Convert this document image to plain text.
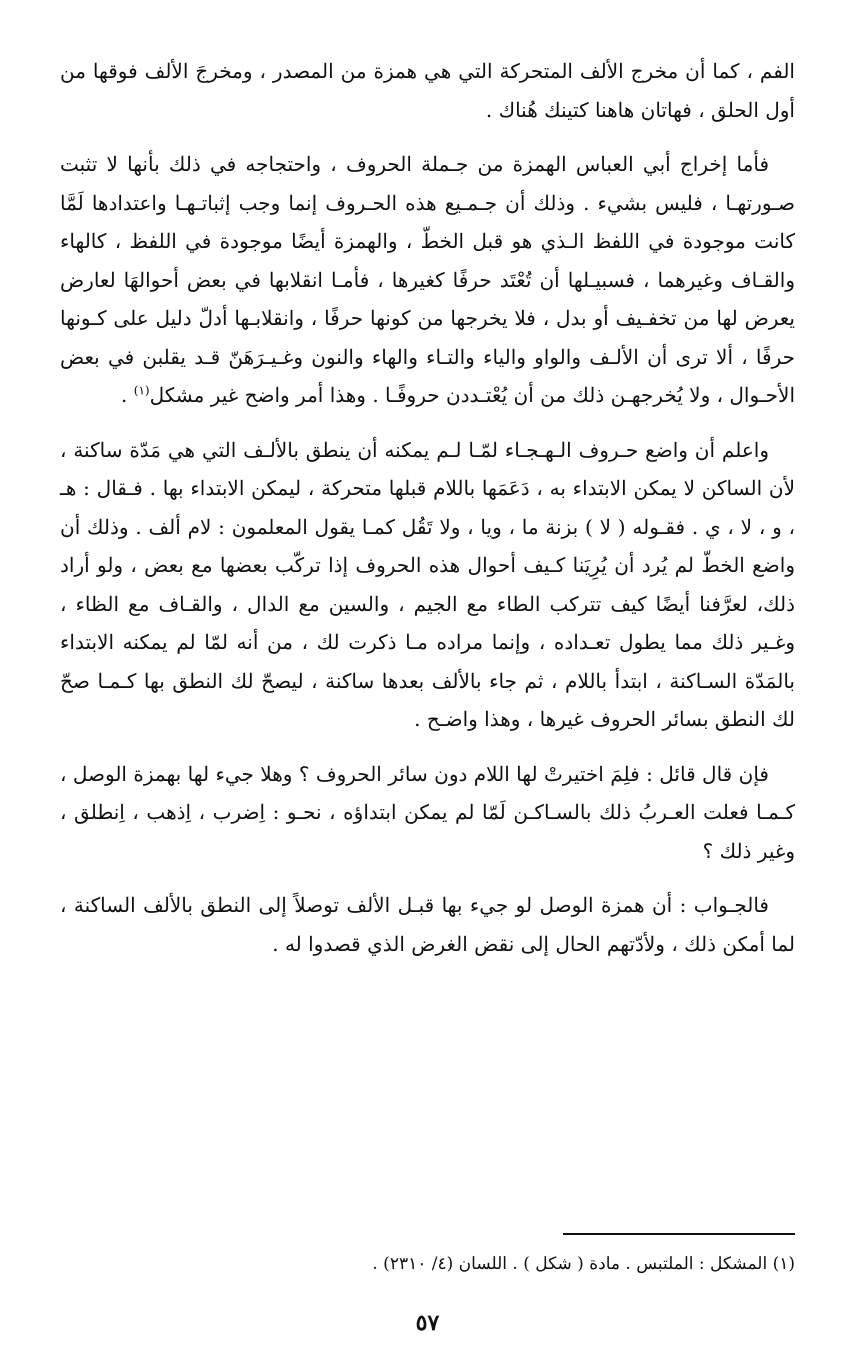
الفم ، كما أن مخرج الألف المتحركة التي هي همزة من المصدر ، ومخرجَ الألف فوقها من أول الحلق ، فهاتان هاهنا كتينك هُناك .

فأما إخراج أبي العباس الهمزة من جـملة الحروف ، واحتجاجه في ذلك بأنها لا تثبت صـورتهـا ، فليس بشيء . وذلك أن جـمـيع هذه الحـروف إنما وجب إثباتـهـا واعتدادها لَمَّا كانت موجودة في اللفظ الـذي هو قبل الخطّ ، والهمزة أيضًا موجودة في اللفظ ، كالهاء والقـاف وغيرهما ، فسبيـلها أن تُعْتَد حرفًا كغيرها ، فأمـا انقلابها في بعض أحوالهَا لعارض يعرض لها من تخفـيف أو بدل ، فلا يخرجها من كونها حرفًا ، وانقلابـها أدلّ دليل على كـونها حرفًا ، ألا ترى أن الألـف والواو والياء والتـاء والهاء والنون وغـيـرَهَنّ قـد يقلبن في بعض الأحـوال ، ولا يُخرجهـن ذلك من أن يُعْتـددن حروفًـا . وهذا أمر واضح غير مشكل$^{(١)}$ .

واعلم أن واضع حـروف الـهـجـاء لمّـا لـم يمكنه أن ينطق بالألـف التي هي مَدّة ساكنة ، لأن الساكن لا يمكن الابتداء به ، دَعَمَها باللام قبلها متحركة ، ليمكن الابتداء بها . فـقال : هـ ، و ، لا ، ي . فقـوله ( لا ) بزنة ما ، ويا ، ولا تَقُل كمـا يقول المعلمون : لام ألف . وذلك أن واضع الخطّ لم يُرد أن يُرِيَنا كـيف أحوال هذه الحروف إذا تركّب بعضها مع بعض ، ولو أراد ذلك، لعرَّفنا أيضًا كيف تتركب الطاء مع الجيم ، والسين مع الدال ، والقـاف مع الظاء ، وغـير ذلك مما يطول تعـداده ، وإنما مراده مـا ذكرت لك ، من أنه لمّا لم يمكنه الابتداء بالمَدّة السـاكنة ، ابتدأ باللام ، ثم جاء بالألف بعدها ساكنة ، ليصحّ لك النطق بها كـمـا صحّ لك النطق بسائر الحروف غيرها ، وهذا واضـح .

فإن قال قائل : فلِمَ اختيرتْ لها اللام دون سائر الحروف ؟ وهلا جيء لها بهمزة الوصل ، كـمـا فعلت العـربُ ذلك بالسـاكـن لَمّا لم يمكن ابتداؤه ، نحـو : اِضرب ، اِذهب ، اِنطلق ، وغير ذلك ؟

فالجـواب : أن همزة الوصل لو جيء بها قبـل الألف توصلاً إلى النطق بالألف الساكنة ، لما أمكن ذلك ، ولأدّتهم الحال إلى نقض الغرض الذي قصدوا له .

(١) المشكل : الملتبس . مادة ( شكل ) . اللسان (٤/ ٢٣١٠) .

٥٧
